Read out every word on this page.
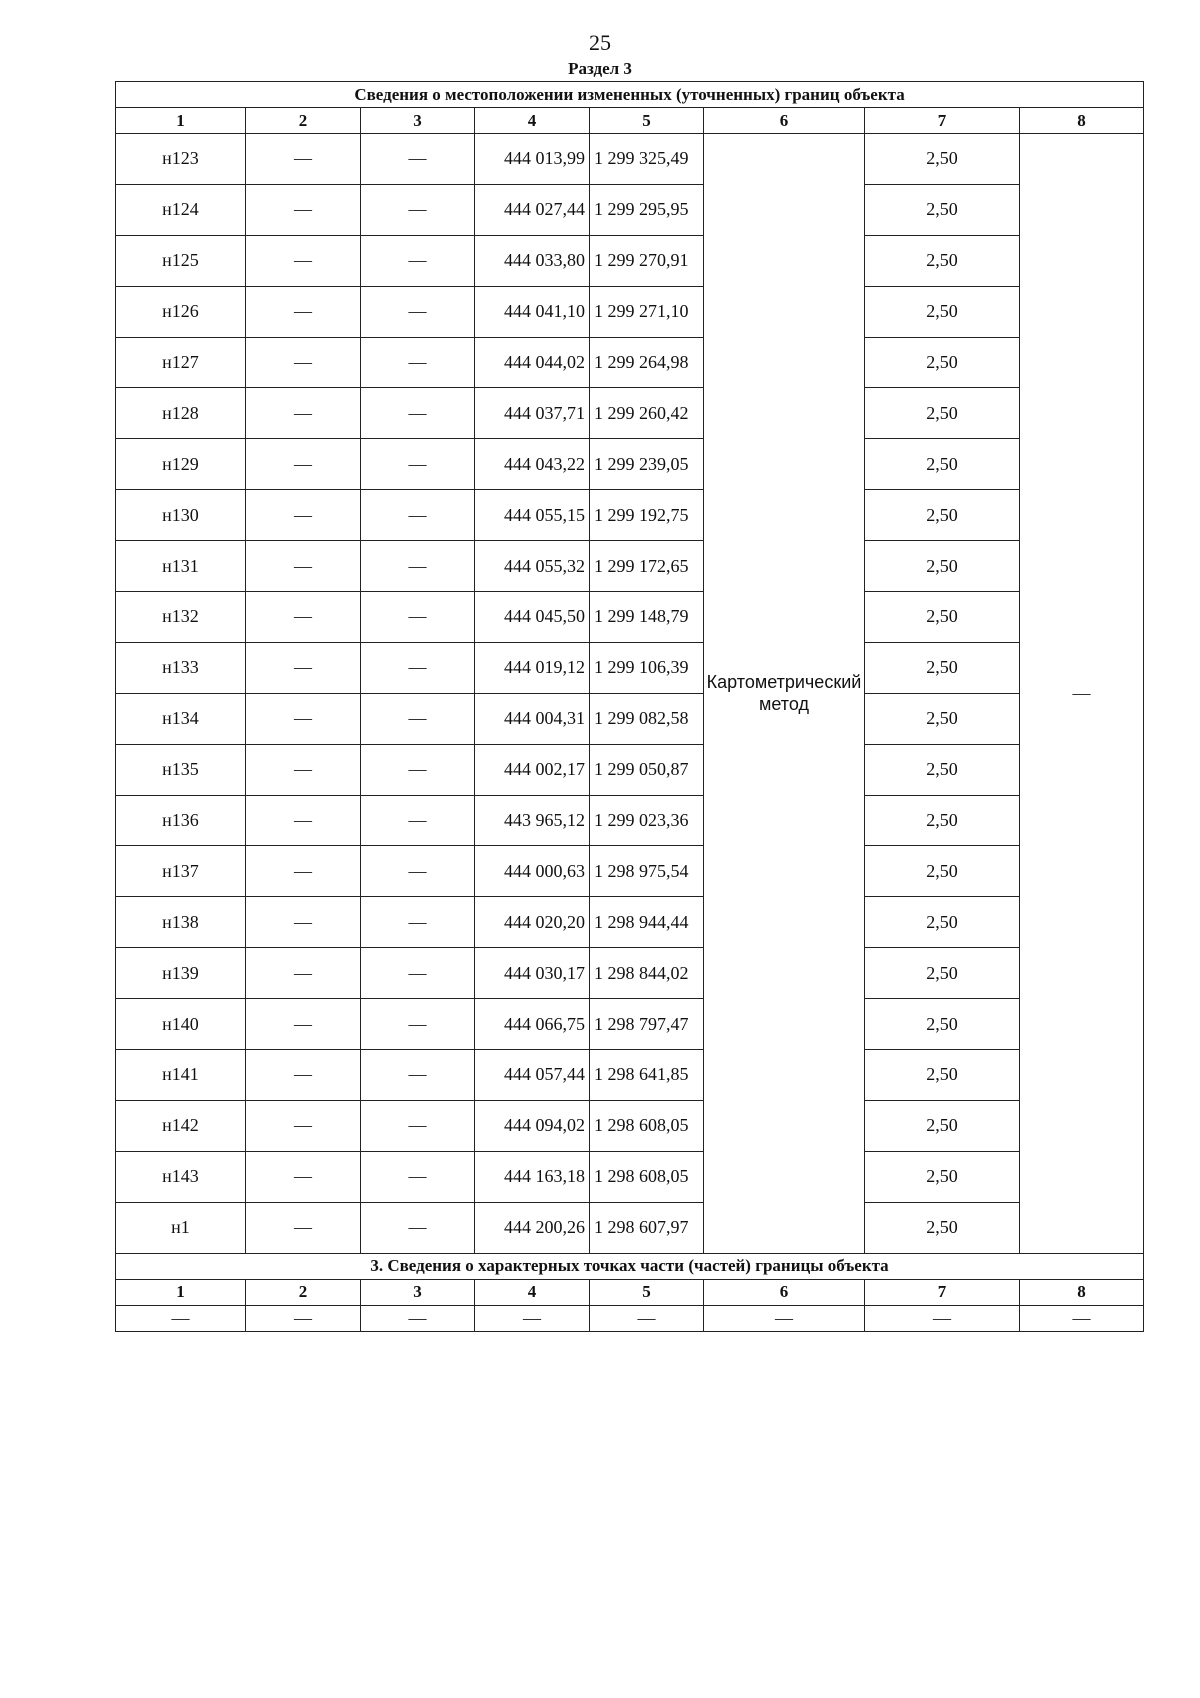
25
Раздел 3
Сведения о местоположении измененных (уточненных) границ объекта							
1	2	3	4	5	6	7	8
н123	—	—	444 013,99	1 299 325,49	Картометрический метод	2,50	—
н124	—	—	444 027,44	1 299 295,95		2,50	
н125	—	—	444 033,80	1 299 270,91		2,50	
н126	—	—	444 041,10	1 299 271,10		2,50	
н127	—	—	444 044,02	1 299 264,98		2,50	
н128	—	—	444 037,71	1 299 260,42		2,50	
н129	—	—	444 043,22	1 299 239,05		2,50	
н130	—	—	444 055,15	1 299 192,75		2,50	
н131	—	—	444 055,32	1 299 172,65		2,50	
н132	—	—	444 045,50	1 299 148,79		2,50	
н133	—	—	444 019,12	1 299 106,39		2,50	
н134	—	—	444 004,31	1 299 082,58		2,50	
н135	—	—	444 002,17	1 299 050,87		2,50	
н136	—	—	443 965,12	1 299 023,36		2,50	
н137	—	—	444 000,63	1 298 975,54		2,50	
н138	—	—	444 020,20	1 298 944,44		2,50	
н139	—	—	444 030,17	1 298 844,02		2,50	
н140	—	—	444 066,75	1 298 797,47		2,50	
н141	—	—	444 057,44	1 298 641,85		2,50	
н142	—	—	444 094,02	1 298 608,05		2,50	
н143	—	—	444 163,18	1 298 608,05		2,50	
н1	—	—	444 200,26	1 298 607,97		2,50	
3. Сведения о характерных точках части (частей) границы объекта							
1	2	3	4	5	6	7	8
—	—	—	—	—	—	—	—
